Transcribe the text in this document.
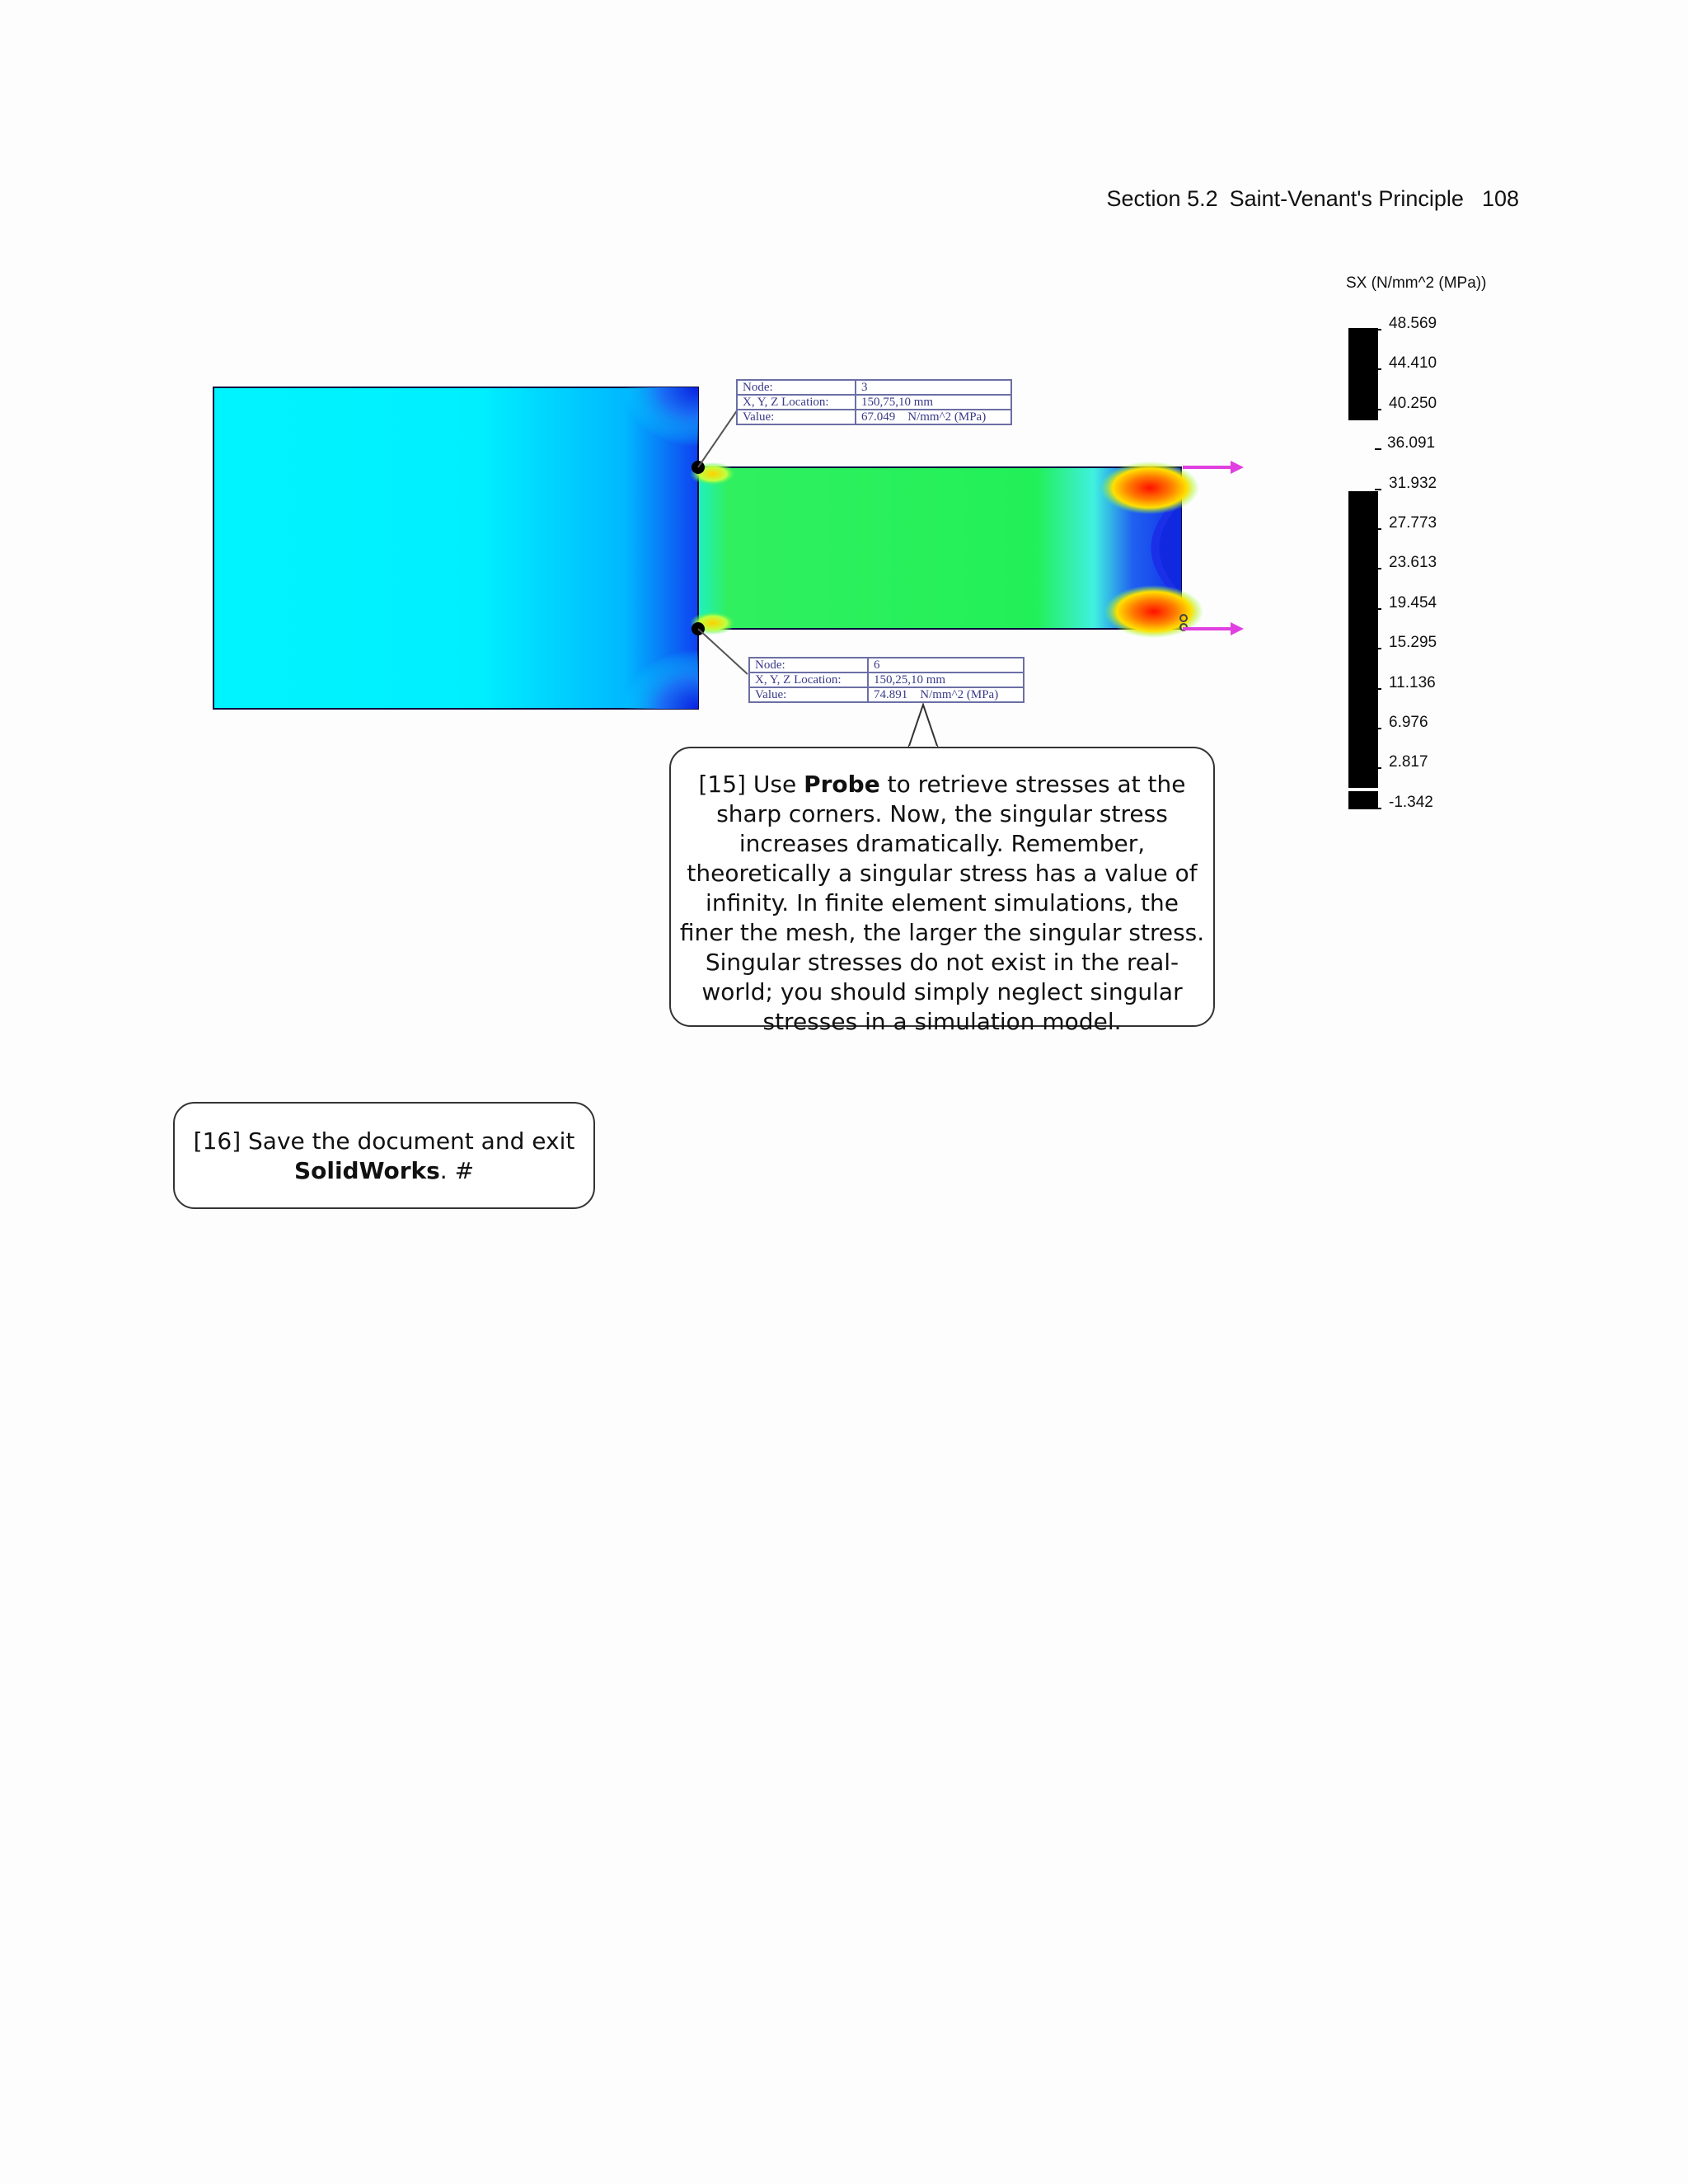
Section 5.2 Saint-Venant's Principle 108
Node:	3
X, Y, Z Location:	150,75,10 mm
Value:	67.049 N/mm^2 (MPa)
Node:	6
X, Y, Z Location:	150,25,10 mm
Value:	74.891 N/mm^2 (MPa)
SX (N/mm^2 (MPa))
48.569
44.410
40.250
36.091
31.932
27.773
23.613
19.454
15.295
11.136
6.976
2.817
-1.342
[15] Use Probe to retrieve stresses at the sharp corners. Now, the singular stress increases dramatically. Remember, theoretically a singular stress has a value of infinity. In finite element simulations, the finer the mesh, the larger the singular stress. Singular stresses do not exist in the real-world; you should simply neglect singular stresses in a simulation model.
[16] Save the document and exit
SolidWorks. #
